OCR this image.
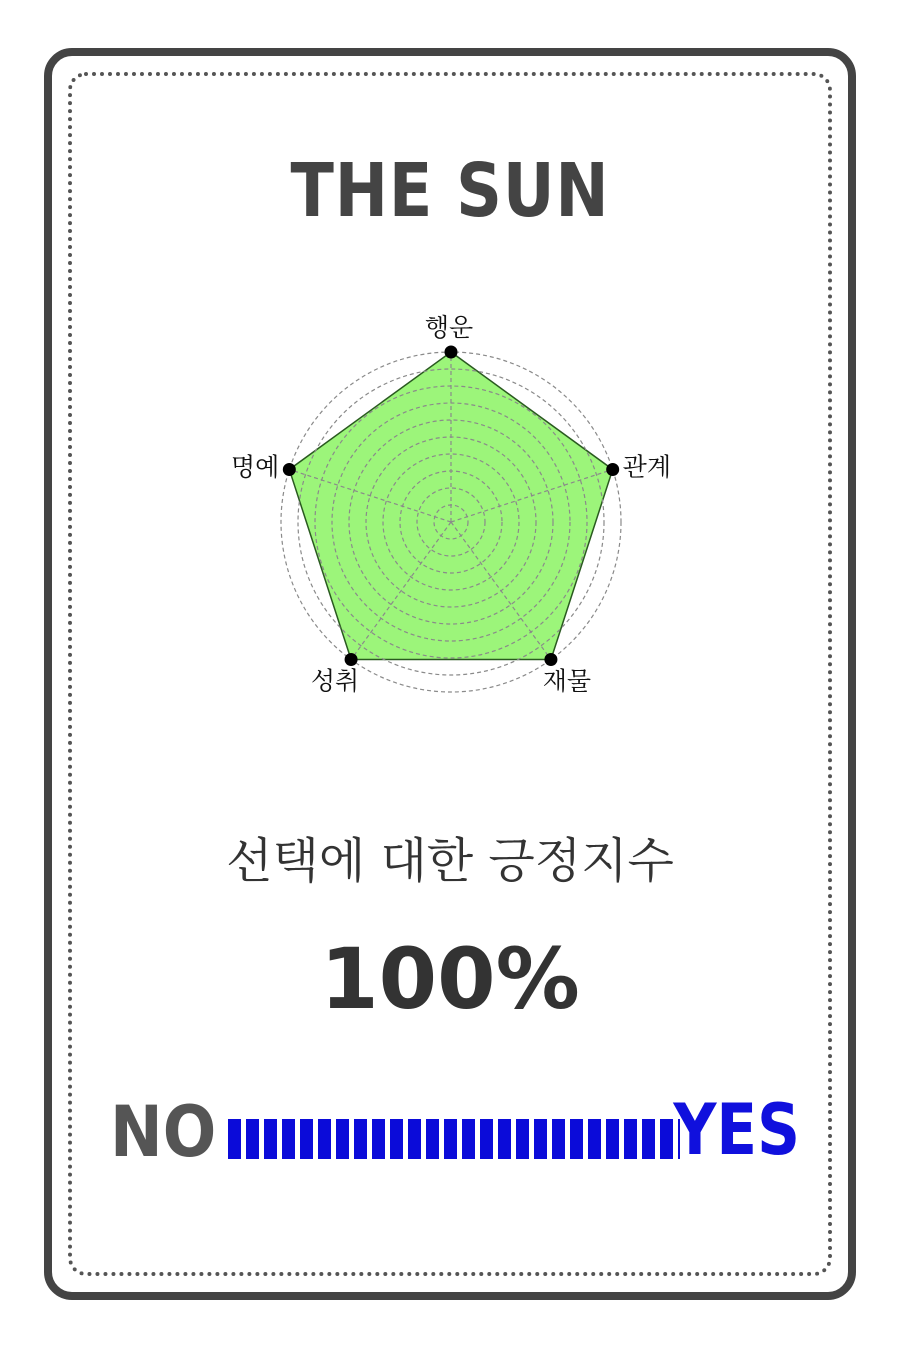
THE SUN
행운
관계
재물
성취
명예
선택에 대한 긍정지수
100%
NO	YES
